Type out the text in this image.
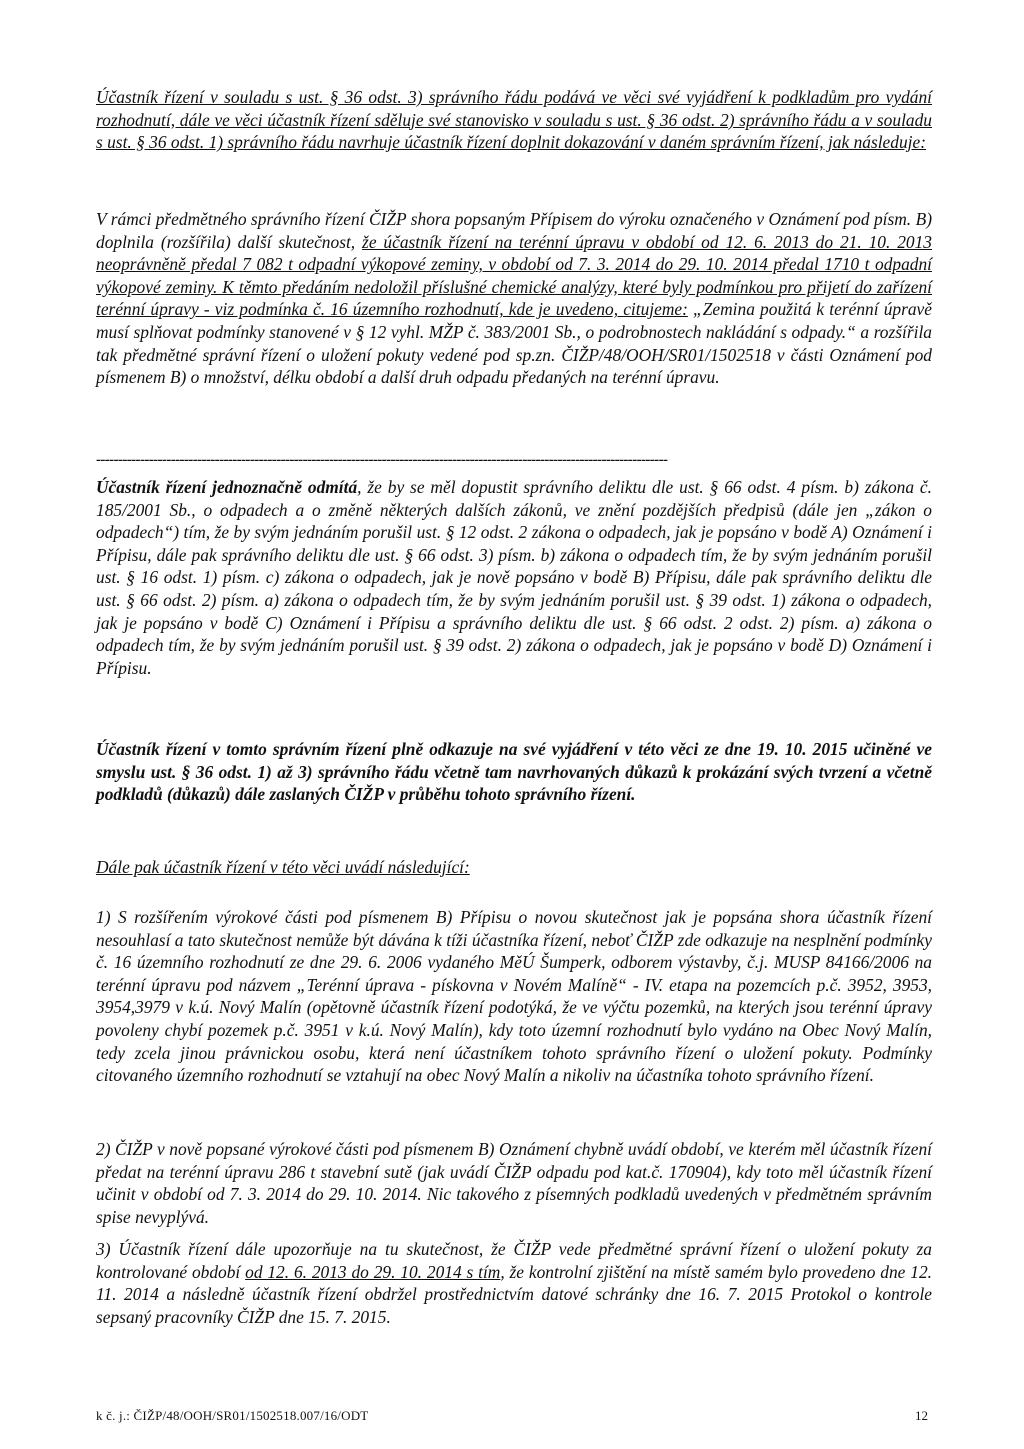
Účastník řízení v souladu s ust. § 36 odst. 3) správního řádu podává ve věci své vyjádření k podkladům pro vydání rozhodnutí, dále ve věci účastník řízení sděluje své stanovisko v souladu s ust. § 36 odst. 2) správního řádu a v souladu s ust. § 36 odst. 1) správního řádu navrhuje účastník řízení doplnit dokazování v daném správním řízení, jak následuje:

V rámci předmětného správního řízení ČIŽP shora popsaným Přípisem do výroku označeného v Oznámení pod písm. B) doplnila (rozšířila) další skutečnost, že účastník řízení na terénní úpravu v období od 12. 6. 2013 do 21. 10. 2013 neoprávněně předal 7 082 t odpadní výkopové zeminy, v období od 7. 3. 2014 do 29. 10. 2014 předal 1710 t odpadní výkopové zeminy. K těmto předáním nedoložil příslušné chemické analýzy, které byly podmínkou pro přijetí do zařízení terénní úpravy - viz podmínka č. 16 územního rozhodnutí, kde je uvedeno, citujeme: „Zemina použitá k terénní úpravě musí splňovat podmínky stanovené v § 12 vyhl. MŽP č. 383/2001 Sb., o podrobnostech nakládání s odpady.“ a rozšířila tak předmětné správní řízení o uložení pokuty vedené pod sp.zn. ČIŽP/48/OOH/SR01/1502518 v části Oznámení pod písmenem B) o množství, délku období a další druh odpadu předaných na terénní úpravu.

----------------------------------------------------------------------------------------------------------------------------------

Účastník řízení jednoznačně odmítá, že by se měl dopustit správního deliktu dle ust. § 66 odst. 4 písm. b) zákona č. 185/2001 Sb., o odpadech a o změně některých dalších zákonů, ve znění pozdějších předpisů (dále jen „zákon o odpadech“) tím, že by svým jednáním porušil ust. § 12 odst. 2 zákona o odpadech, jak je popsáno v bodě A) Oznámení i Přípisu, dále pak správního deliktu dle ust. § 66 odst. 3) písm. b) zákona o odpadech tím, že by svým jednáním porušil ust. § 16 odst. 1) písm. c) zákona o odpadech, jak je nově popsáno v bodě B) Přípisu, dále pak správního deliktu dle ust. § 66 odst. 2) písm. a) zákona o odpadech tím, že by svým jednáním porušil ust. § 39 odst. 1) zákona o odpadech, jak je popsáno v bodě C) Oznámení i Přípisu a správního deliktu dle ust. § 66 odst. 2 odst. 2) písm. a) zákona o odpadech tím, že by svým jednáním porušil ust. § 39 odst. 2) zákona o odpadech, jak je popsáno v bodě D) Oznámení i Přípisu.

Účastník řízení v tomto správním řízení plně odkazuje na své vyjádření v této věci ze dne 19. 10. 2015 učiněné ve smyslu ust. § 36 odst. 1) až 3) správního řádu včetně tam navrhovaných důkazů k prokázání svých tvrzení a včetně podkladů (důkazů) dále zaslaných ČIŽP v průběhu tohoto správního řízení.

Dále pak účastník řízení v této věci uvádí následující:

1) S rozšířením výrokové části pod písmenem B) Přípisu o novou skutečnost jak je popsána shora účastník řízení nesouhlasí a tato skutečnost nemůže být dávána k tíži účastníka řízení, neboť ČIŽP zde odkazuje na nesplnění podmínky č. 16 územního rozhodnutí ze dne 29. 6. 2006 vydaného MěÚ Šumperk, odborem výstavby, č.j. MUSP 84166/2006 na terénní úpravu pod názvem „Terénní úprava - pískovna v Novém Malíně“ - IV. etapa na pozemcích p.č. 3952, 3953, 3954,3979 v k.ú. Nový Malín (opětovně účastník řízení podotýká, že ve výčtu pozemků, na kterých jsou terénní úpravy povoleny chybí pozemek p.č. 3951 v k.ú. Nový Malín), kdy toto územní rozhodnutí bylo vydáno na Obec Nový Malín, tedy zcela jinou právnickou osobu, která není účastníkem tohoto správního řízení o uložení pokuty. Podmínky citovaného územního rozhodnutí se vztahují na obec Nový Malín a nikoliv na účastníka tohoto správního řízení.

2) ČIŽP v nově popsané výrokové části pod písmenem B) Oznámení chybně uvádí období, ve kterém měl účastník řízení předat na terénní úpravu 286 t stavební sutě (jak uvádí ČIŽP odpadu pod kat.č. 170904), kdy toto měl účastník řízení učinit v období od 7. 3. 2014 do 29. 10. 2014. Nic takového z písemných podkladů uvedených v předmětném správním spise nevyplývá.

3) Účastník řízení dále upozorňuje na tu skutečnost, že ČIŽP vede předmětné správní řízení o uložení pokuty za kontrolované období od 12. 6. 2013 do 29. 10. 2014 s tím, že kontrolní zjištění na místě samém bylo provedeno dne 12. 11. 2014 a následně účastník řízení obdržel prostřednictvím datové schránky dne 16. 7. 2015 Protokol o kontrole sepsaný pracovníky ČIŽP dne 15. 7. 2015.

k č. j.: ČIŽP/48/OOH/SR01/1502518.007/16/ODT	12
